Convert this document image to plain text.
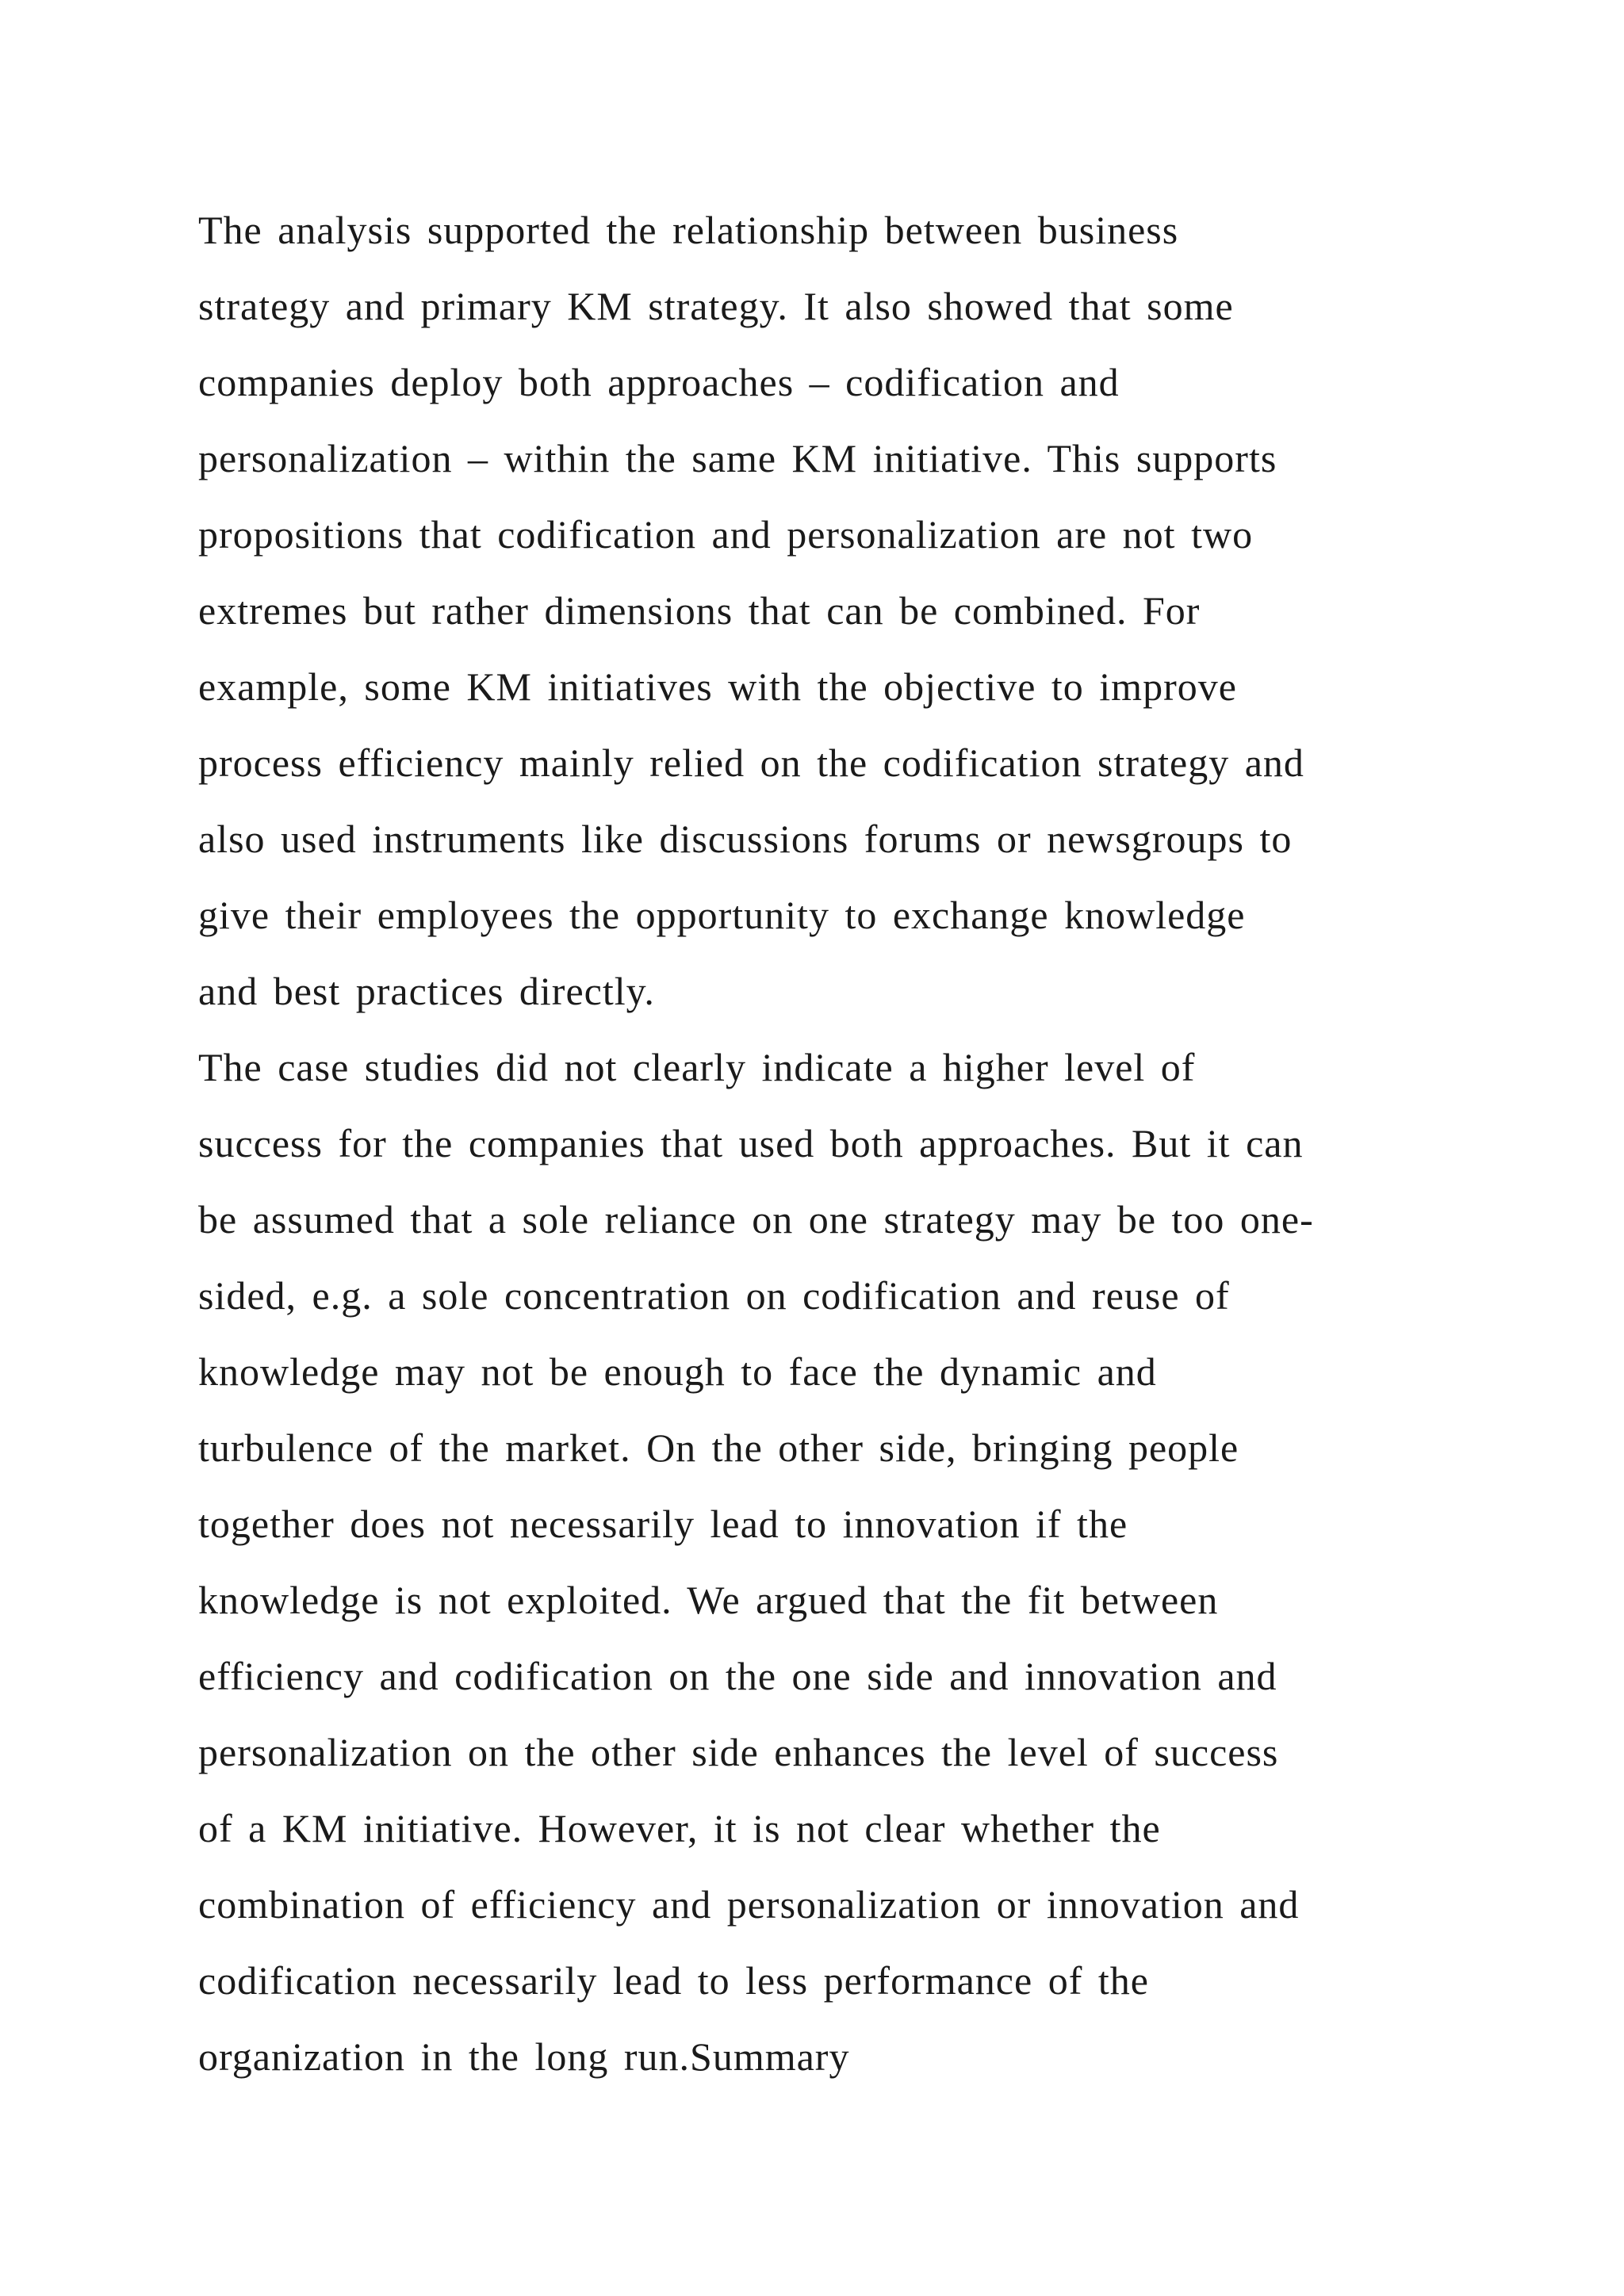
The analysis supported the relationship between business
strategy and primary KM strategy. It also showed that some
companies deploy both approaches – codification and
personalization – within the same KM initiative. This supports
propositions that codification and personalization are not two
extremes but rather dimensions that can be combined. For
example, some KM initiatives with the objective to improve
process efficiency mainly relied on the codification strategy and
also used instruments like discussions forums or newsgroups to
give their employees the opportunity to exchange knowledge
and best practices directly.
The case studies did not clearly indicate a higher level of
success for the companies that used both approaches. But it can
be assumed that a sole reliance on one strategy may be too one-
sided, e.g. a sole concentration on codification and reuse of
knowledge may not be enough to face the dynamic and
turbulence of the market. On the other side, bringing people
together does not necessarily lead to innovation if the
knowledge is not exploited. We argued that the fit between
efficiency and codification on the one side and innovation and
personalization on the other side enhances the level of success
of a KM initiative. However, it is not clear whether the
combination of efficiency and personalization or innovation and
codification necessarily lead to less performance of the
organization in the long run.Summary
